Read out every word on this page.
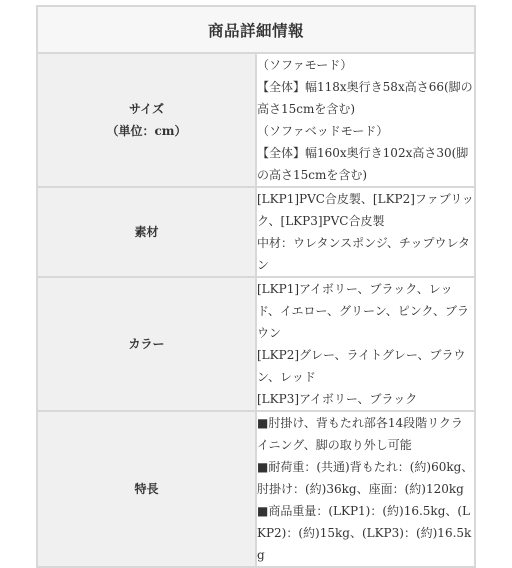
商品詳細情報	

サイズ
（単位：cm）	（ソファモード）
【全体】幅118x奥行き58x高さ66(脚の高さ15cmを含む)
（ソファベッドモード）
【全体】幅160x奥行き102x高さ30(脚の高さ15cmを含む)

素材	[LKP1]PVC合皮製、[LKP2]ファブリック、[LKP3]PVC合皮製
中材：ウレタンスポンジ、チップウレタン

カラー	[LKP1]アイボリー、ブラック、レッド、イエロー、グリーン、ピンク、ブラウン
[LKP2]グレー、ライトグレー、ブラウン、レッド
[LKP3]アイボリー、ブラック

特長	■肘掛け、背もたれ部各14段階リクライニング、脚の取り外し可能
■耐荷重：(共通)背もたれ：(約)60kg、肘掛け：(約)36kg、座面：(約)120kg
■商品重量：(LKP1)：(約)16.5kg、(LKP2)：(約)15kg、(LKP3)：(約)16.5kg
